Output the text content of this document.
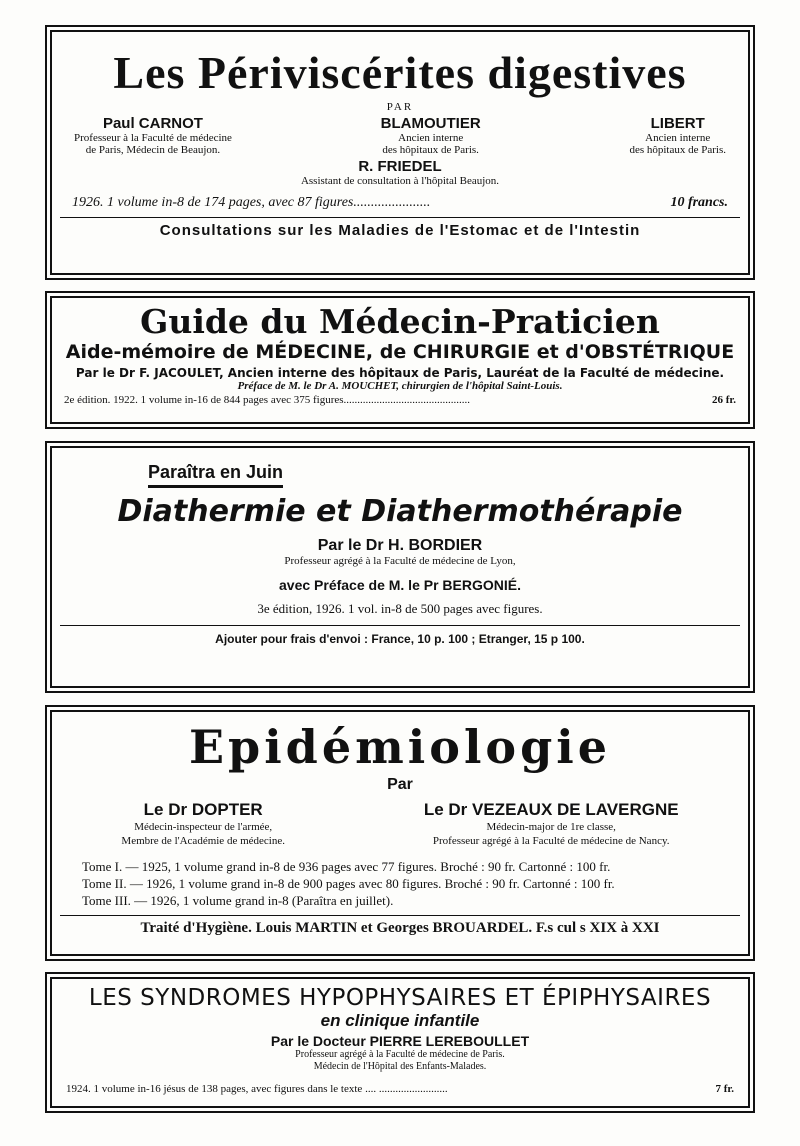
Les Périviscérites digestives
PAR
Paul CARNOT
Professeur à la Faculté de médecine
de Paris, Médecin de Beaujon.
BLAMOUTIER
Ancien interne
des hôpitaux de Paris.
LIBERT
Ancien interne
des hôpitaux de Paris.
R. FRIEDEL
Assistant de consultation à l'hôpital Beaujon.
1926. 1 volume in-8 de 174 pages, avec 87 figures......................	10 francs.
Consultations sur les Maladies de l'Estomac et de l'Intestin
Guide du Médecin-Praticien
Aide-mémoire de MÉDECINE, de CHIRURGIE et d'OBSTÉTRIQUE
Par le Dr F. JACOULET, Ancien interne des hôpitaux de Paris, Lauréat de la Faculté de médecine.
Préface de M. le Dr A. MOUCHET, chirurgien de l'hôpital Saint-Louis.
2e édition. 1922. 1 volume in-16 de 844 pages avec 375 figures..............................................	26 fr.
Paraîtra en Juin
Diathermie et Diathermothérapie
Par le Dr H. BORDIER
Professeur agrégé à la Faculté de médecine de Lyon,
avec Préface de M. le Pr BERGONIÉ.
3e édition, 1926. 1 vol. in-8 de 500 pages avec figures.
Ajouter pour frais d'envoi : France, 10 p. 100 ; Etranger, 15 p 100.
Epidémiologie
Par
Le Dr DOPTER
Médecin-inspecteur de l'armée,
Membre de l'Académie de médecine.
Le Dr VEZEAUX DE LAVERGNE
Médecin-major de 1re classe,
Professeur agrégé à la Faculté de médecine de Nancy.
Tome I. — 1925, 1 volume grand in-8 de 936 pages avec 77 figures. Broché : 90 fr. Cartonné : 100 fr.
Tome II. — 1926, 1 volume grand in-8 de 900 pages avec 80 figures. Broché : 90 fr. Cartonné : 100 fr.
Tome III. — 1926, 1 volume grand in-8 (Paraîtra en juillet).
Traité d'Hygiène. Louis MARTIN et Georges BROUARDEL. F.s cul s XIX à XXI
LES SYNDROMES HYPOPHYSAIRES ET ÉPIPHYSAIRES
en clinique infantile
Par le Docteur PIERRE LEREBOULLET
Professeur agrégé à la Faculté de médecine de Paris.
Médecin de l'Hôpital des Enfants-Malades.
1924. 1 volume in-16 jésus de 138 pages, avec figures dans le texte .... .........................	7 fr.
